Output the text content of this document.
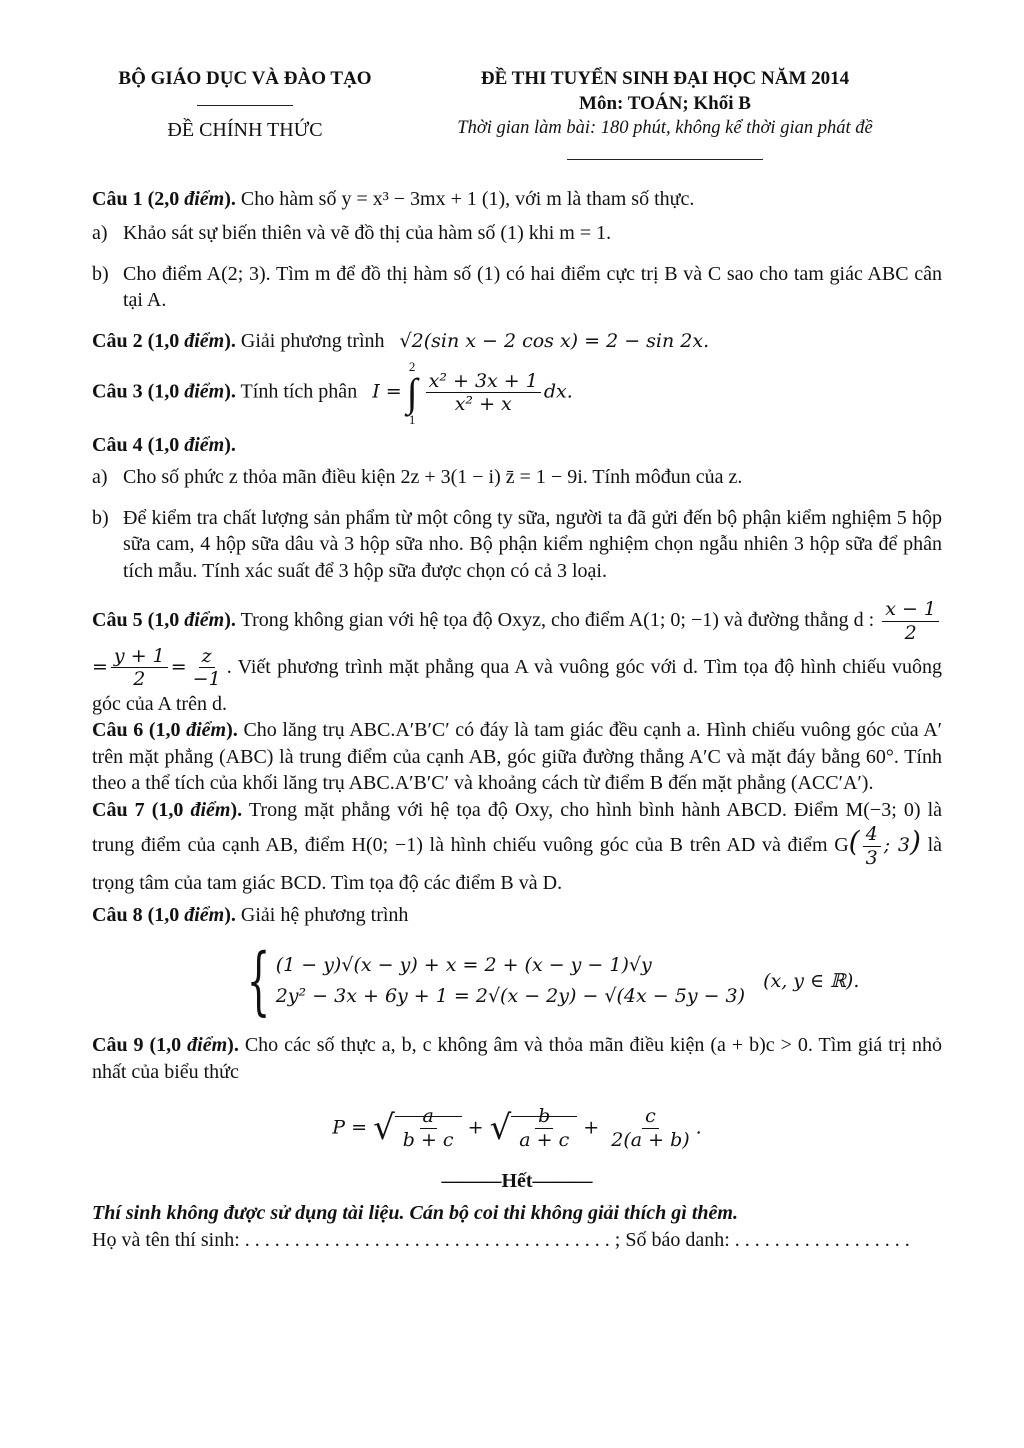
BỘ GIÁO DỤC VÀ ĐÀO TẠO
ĐỀ CHÍNH THỨC
ĐỀ THI TUYỂN SINH ĐẠI HỌC NĂM 2014
Môn: TOÁN; Khối B
Thời gian làm bài: 180 phút, không kể thời gian phát đề
Câu 1 (2,0 điểm). Cho hàm số y = x³ − 3mx + 1 (1), với m là tham số thực.
a) Khảo sát sự biến thiên và vẽ đồ thị của hàm số (1) khi m = 1.
b) Cho điểm A(2; 3). Tìm m để đồ thị hàm số (1) có hai điểm cực trị B và C sao cho tam giác ABC cân tại A.
Câu 2 (1,0 điểm). Giải phương trình √2(sin x − 2 cos x) = 2 − sin 2x.
Câu 3 (1,0 điểm). Tính tích phân I =
2
∫
1

$\frac{\text{x² + 3x + 1}}{\text{x² + x}}$ dx.
Câu 4 (1,0 điểm).
a) Cho số phức z thỏa mãn điều kiện 2z + 3(1 − i) z̄ = 1 − 9i. Tính môđun của z.
b) Để kiểm tra chất lượng sản phẩm từ một công ty sữa, người ta đã gửi đến bộ phận kiểm nghiệm 5 hộp sữa cam, 4 hộp sữa dâu và 3 hộp sữa nho. Bộ phận kiểm nghiệm chọn ngẫu nhiên 3 hộp sữa để phân tích mẫu. Tính xác suất để 3 hộp sữa được chọn có cả 3 loại.
Câu 5 (1,0 điểm). Trong không gian với hệ tọa độ Oxyz, cho điểm A(1; 0; −1) và đường thẳng d : $\frac{x - 1}{2}$
= $\frac{y + 1}{2} = \frac{z}{-1}$ . Viết phương trình mặt phẳng qua A và vuông góc với d. Tìm tọa độ hình chiếu vuông góc của A trên d.
Câu 6 (1,0 điểm). Cho lăng trụ ABC.A′B′C′ có đáy là tam giác đều cạnh a. Hình chiếu vuông góc của A′ trên mặt phẳng (ABC) là trung điểm của cạnh AB, góc giữa đường thẳng A′C và mặt đáy bằng 60°. Tính theo a thể tích của khối lăng trụ ABC.A′B′C′ và khoảng cách từ điểm B đến mặt phẳng (ACC′A′).
Câu 7 (1,0 điểm). Trong mặt phẳng với hệ tọa độ Oxy, cho hình bình hành ABCD. Điểm M(−3; 0) là trung điểm của cạnh AB, điểm H(0; −1) là hình chiếu vuông góc của B trên AD và điểm $G( \frac{4}{3}$ ; 3) là trọng tâm của tam giác BCD. Tìm tọa độ các điểm B và D.
Câu 8 (1,0 điểm). Giải hệ phương trình
{ (1 − y)√(x − y) + x = 2 + (x − y − 1)√y
2y² − 3x + 6y + 1 = 2√(x − 2y) − √(4x − 5y − 3)
(x, y ∈ ℝ).
Câu 9 (1,0 điểm). Cho các số thực a, b, c không âm và thỏa mãn điều kiện (a + b)c > 0. Tìm giá trị nhỏ nhất của biểu thức
P = √ $\frac{a}{b + c}$ + √ $\frac{b}{a + c} + \frac{c}{2(a + b)}$ .
———Hết———
Thí sinh không được sử dụng tài liệu. Cán bộ coi thi không giải thích gì thêm.
Họ và tên thí sinh: . . . . . . . . . . . . . . . . . . . . . . . . . . . . . . . . . . . . . ; Số báo danh: . . . . . . . . . . . . . . . . . .
